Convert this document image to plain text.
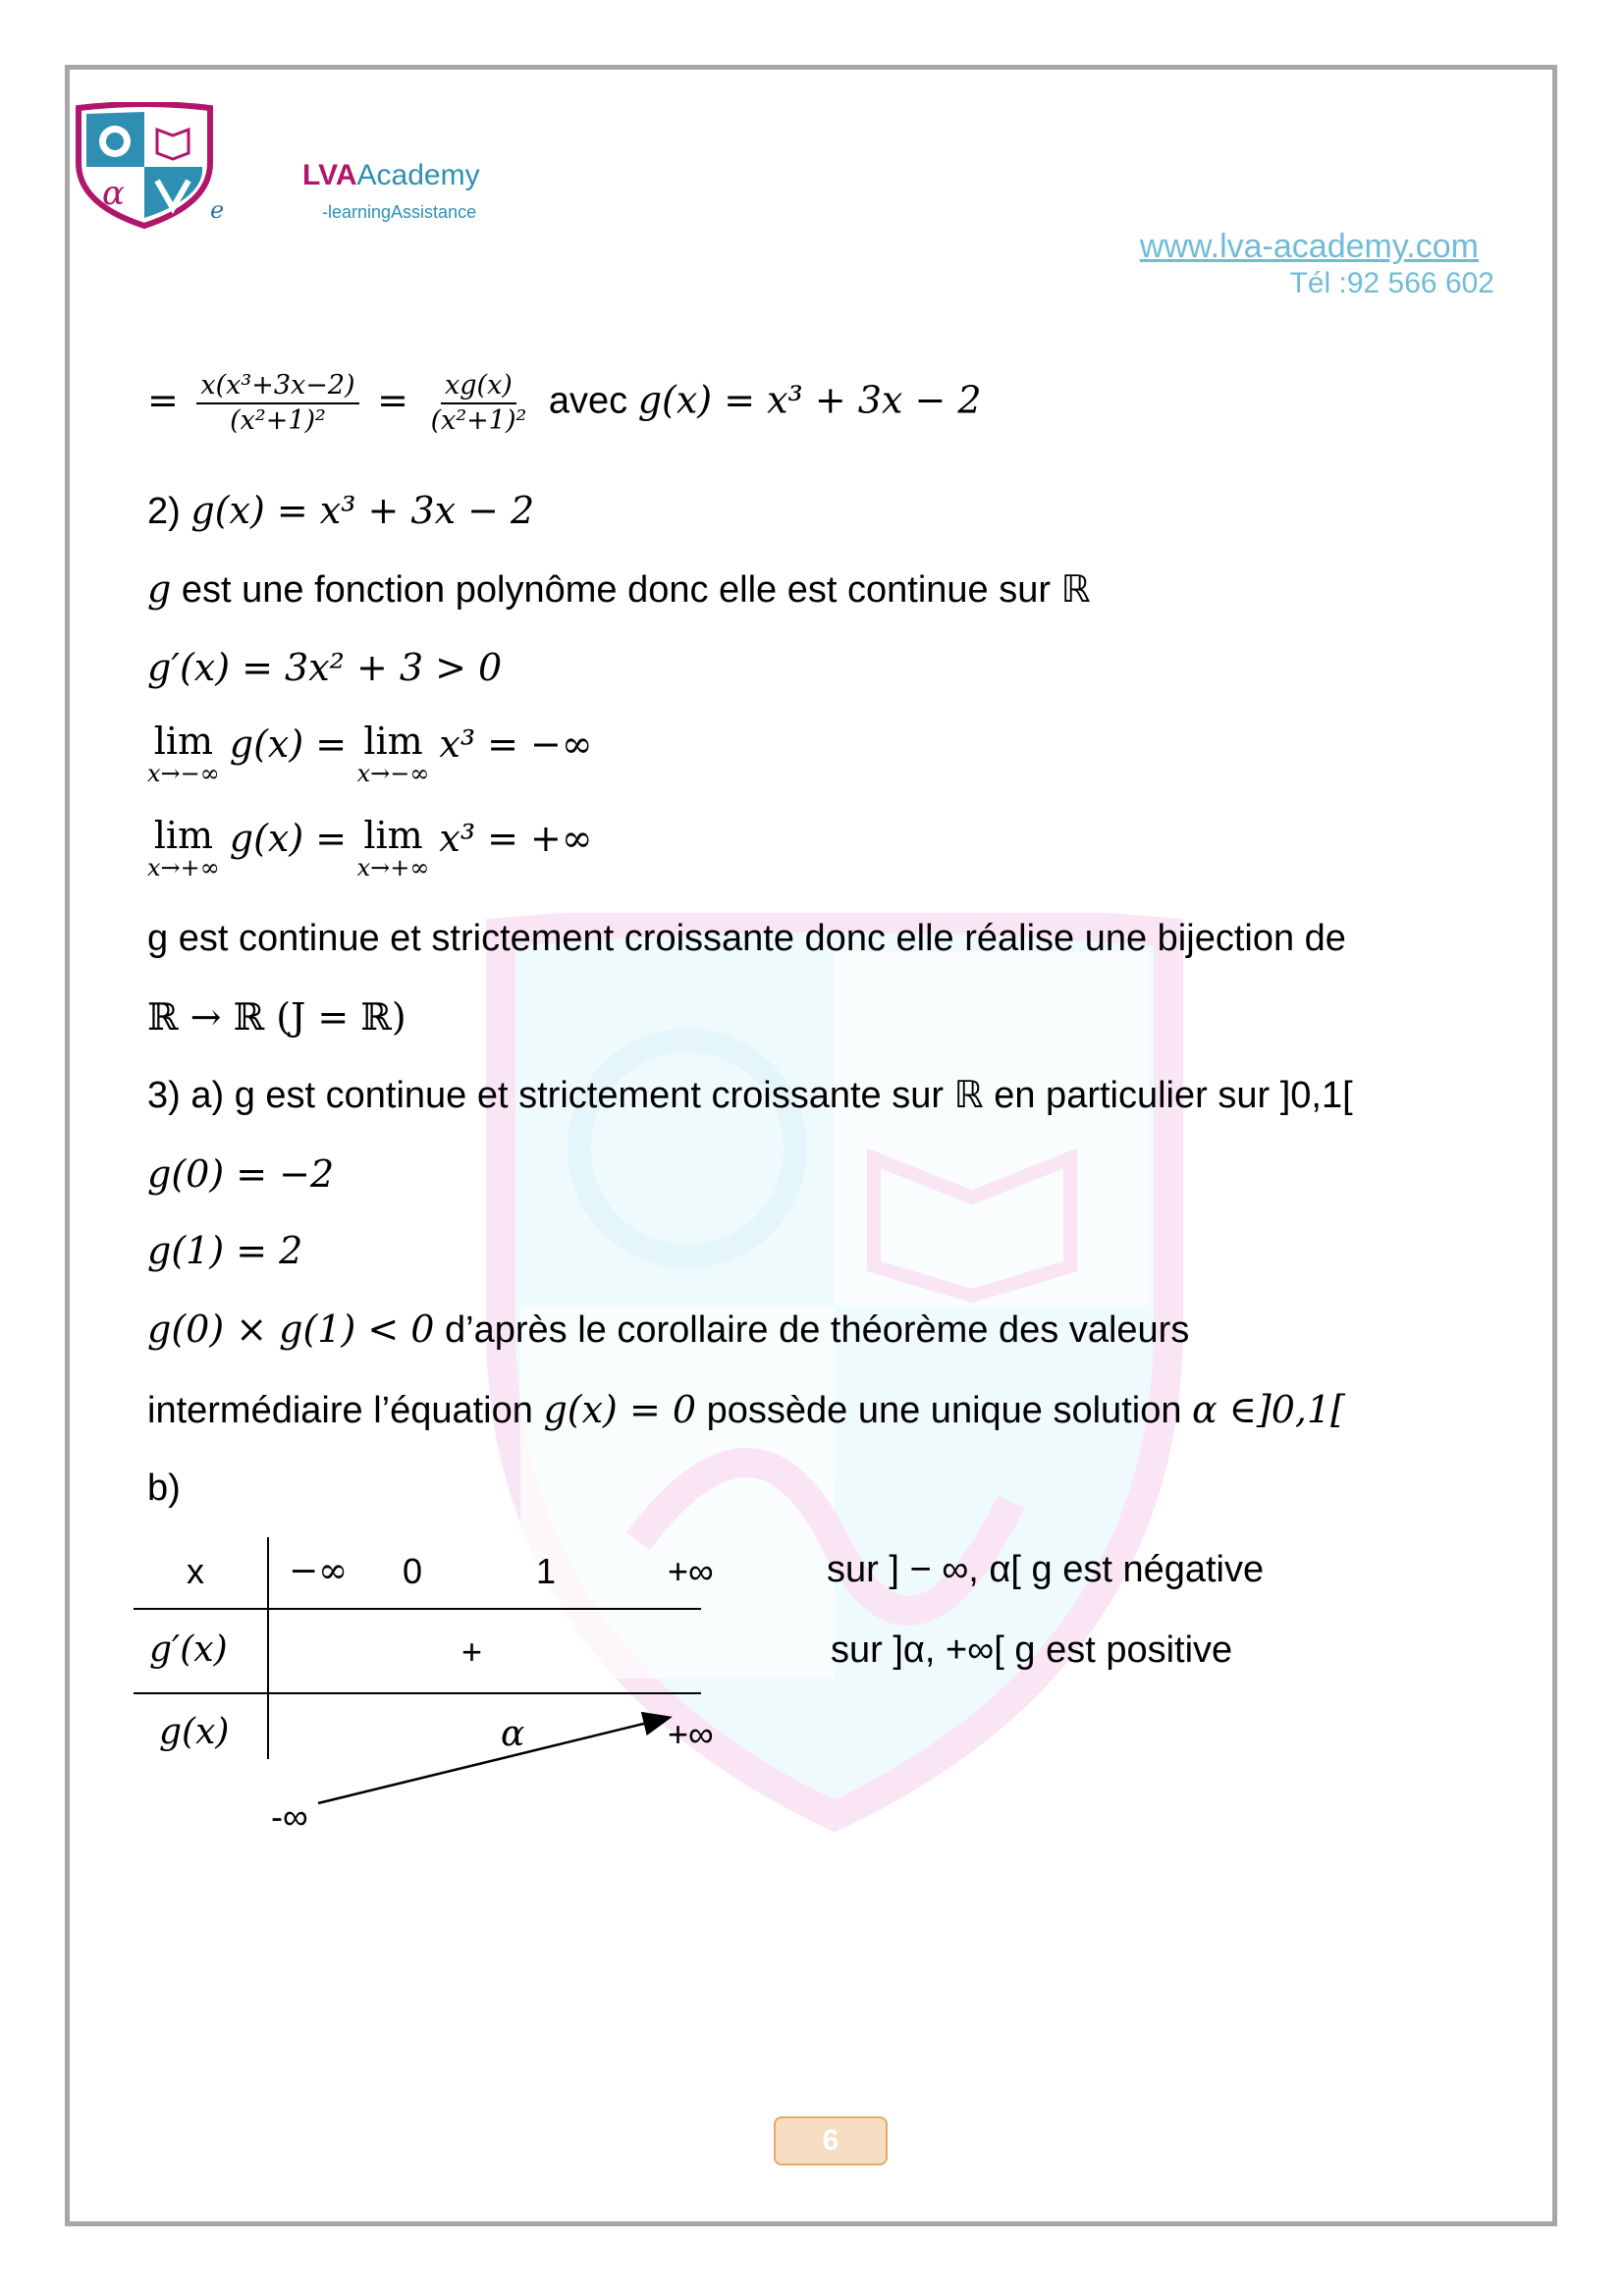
α	e
LVAAcademy
-learningAssistance
www.lva-academy.com
Tél :92 566 602
= $\frac{\text{x(x³+3x−2)}}{\text{(x²+1)²}} = \frac{xg(x)}{\text{(x²+1)²}}$ avec g(x) = x³ + 3x − 2
2) g(x) = x³ + 3x − 2
g est une fonction polynôme donc elle est continue sur ℝ
g′(x) = 3x² + 3 > 0
lim
x→−∞
g(x) = lim
x→−∞
x³ = −∞
lim
x→+∞
g(x) = lim
x→+∞
x³ = +∞
g est continue et strictement croissante donc elle réalise une bijection de
ℝ → ℝ (J = ℝ)
3) a) g est continue et strictement croissante sur ℝ en particulier sur ]0,1[
g(0) = −2
g(1) = 2
g(0) × g(1) < 0 d’après le corollaire de théorème des valeurs
intermédiaire l’équation g(x) = 0 possède une unique solution α ∈]0,1[
b)
x −∞ 0	1	+∞
g′(x)	+
g(x)	α	+∞
-∞
sur ] − ∞, α[ g est négative
sur ]α, +∞[ g est positive
6
